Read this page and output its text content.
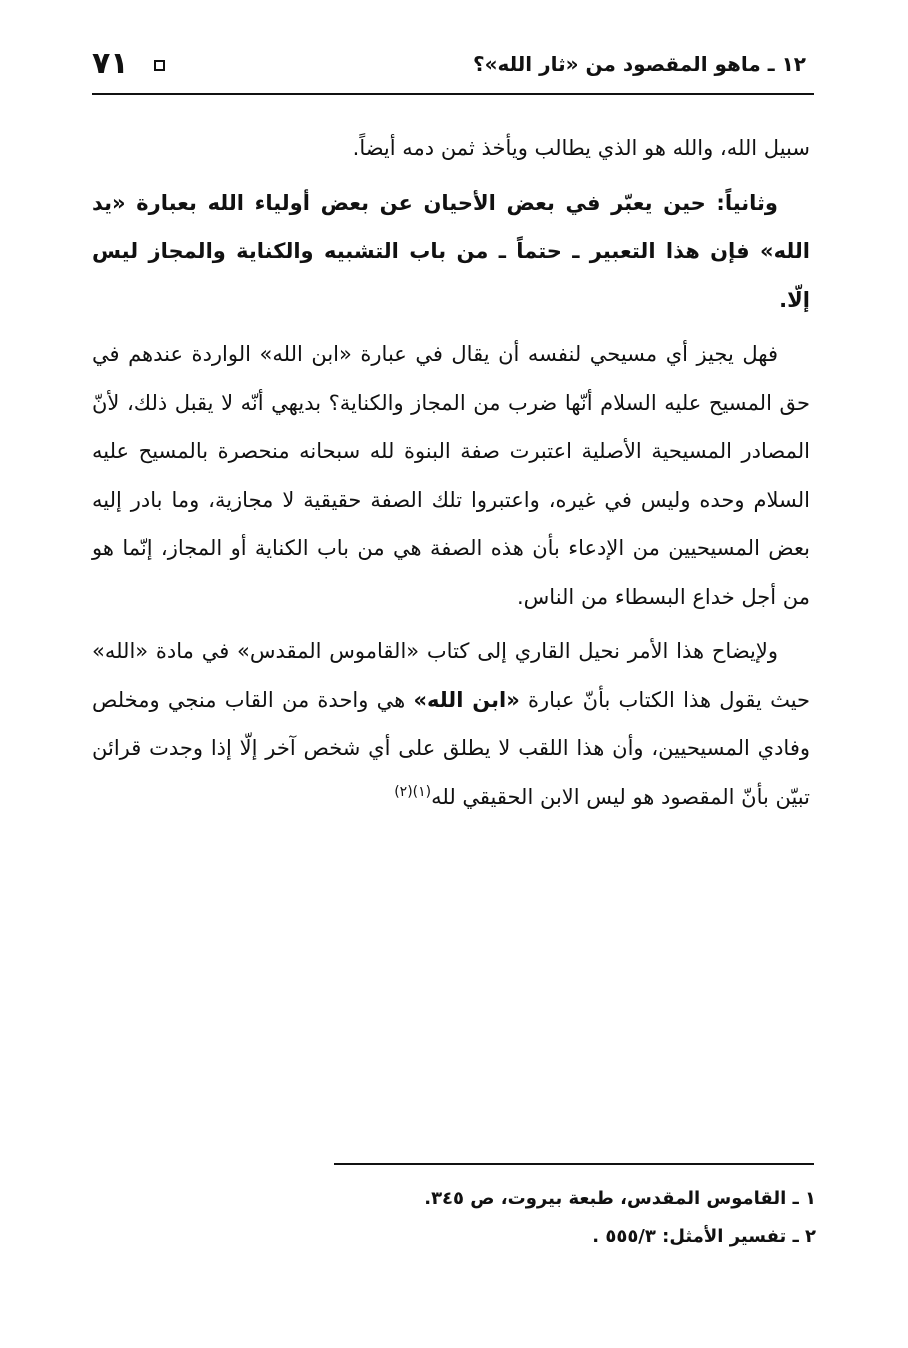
١٢ ـ ماهو المقصود من «ثار الله»؟
٧١

سبيل الله، والله هو الذي يطالب ويأخذ ثمن دمه أيضاً.

وثانياً: حين يعبّر في بعض الأحيان عن بعض أولياء الله بعبارة «يد الله» فإن هذا التعبير ـ حتماً ـ من باب التشبيه والكناية والمجاز ليس إلّا.

فهل يجيز أي مسيحي لنفسه أن يقال في عبارة «ابن الله» الواردة عندهم في حق المسيح عليه السلام أنّها ضرب من المجاز والكناية؟ بديهي أنّه لا يقبل ذلك، لأنّ المصادر المسيحية الأصلية اعتبرت صفة البنوة لله سبحانه منحصرة بالمسيح عليه السلام وحده وليس في غيره، واعتبروا تلك الصفة حقيقية لا مجازية، وما بادر إليه بعض المسيحيين من الإدعاء بأن هذه الصفة هي من باب الكناية أو المجاز، إنّما هو من أجل خداع البسطاء من الناس.

ولإيضاح هذا الأمر نحيل القاري إلى كتاب «القاموس المقدس» في مادة «الله» حيث يقول هذا الكتاب بأنّ عبارة «ابن الله» هي واحدة من القاب منجي ومخلص وفادي المسيحيين، وأن هذا اللقب لا يطلق على أي شخص آخر إلّا إذا وجدت قرائن تبيّن بأنّ المقصود هو ليس الابن الحقيقي لله$^{(١)(٢)}$

١ ـ القاموس المقدس، طبعة بيروت، ص ٣٤٥.

٢ ـ تفسير الأمثل: ٥٥٥/٣ .
